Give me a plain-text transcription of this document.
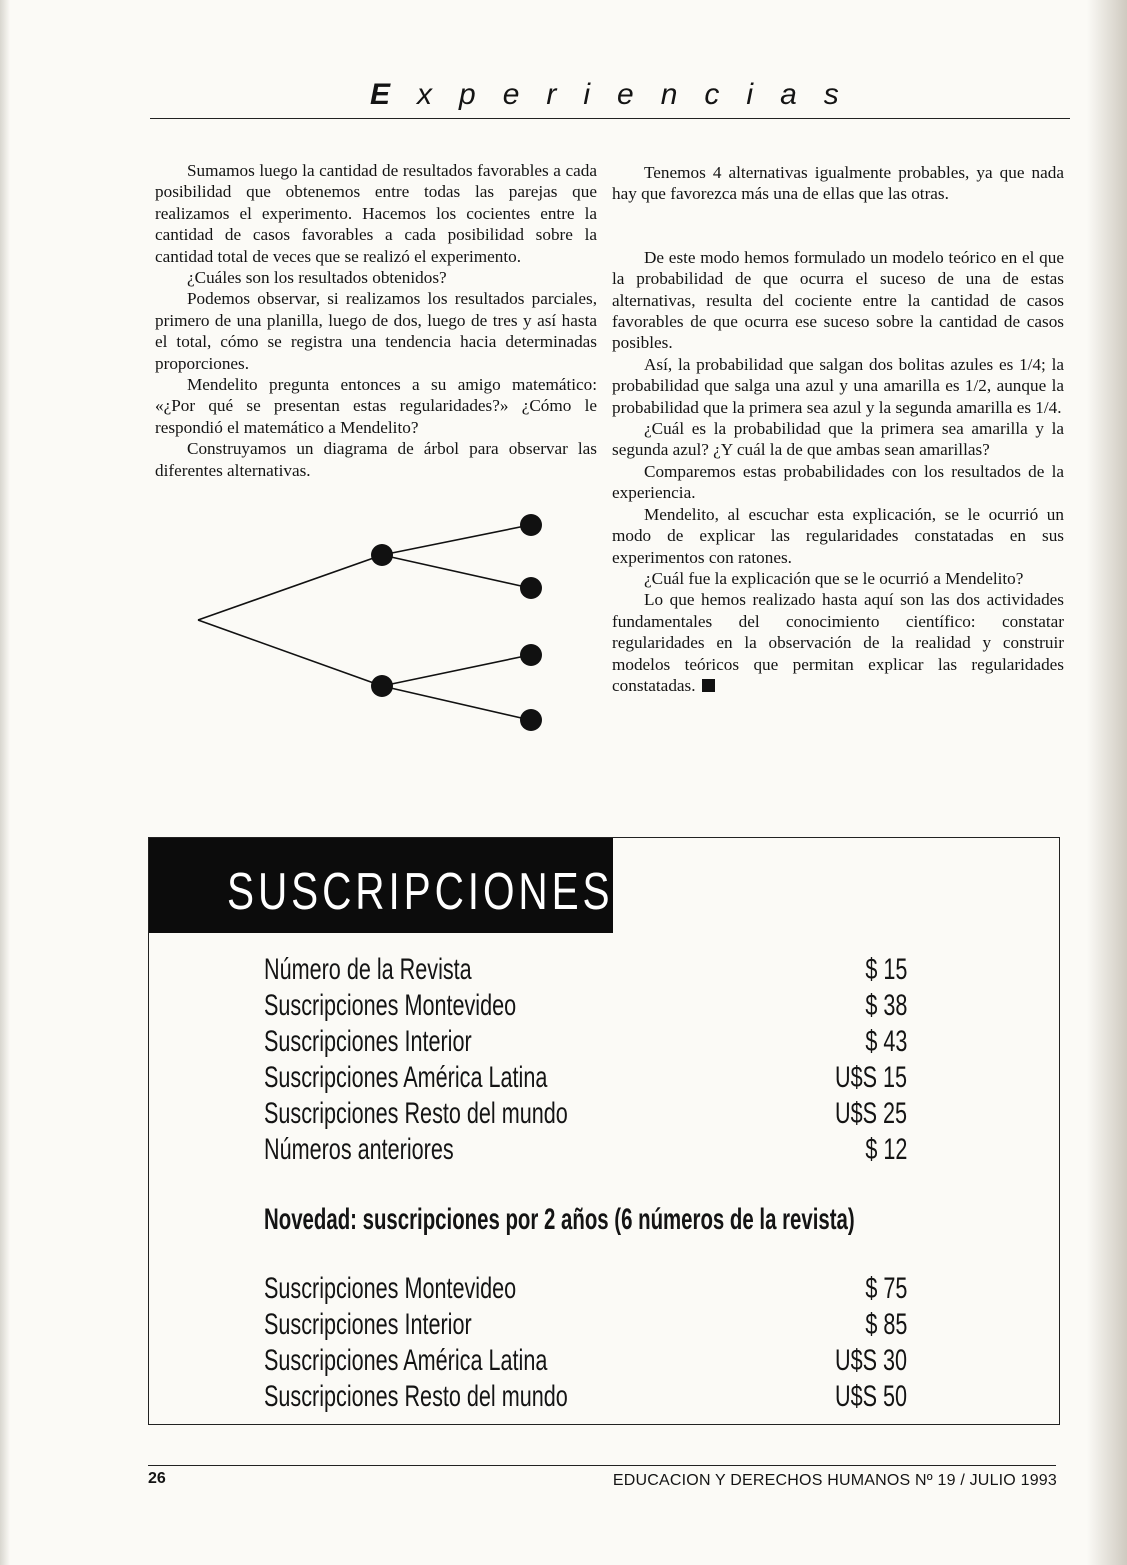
Experiencias

Sumamos luego la cantidad de resultados favorables a cada posibilidad que obtenemos entre todas las parejas que realizamos el experimento. Hacemos los cocientes entre la cantidad de casos favorables a cada posibilidad sobre la cantidad total de veces que se realizó el experimento.

¿Cuáles son los resultados obtenidos?

Podemos observar, si realizamos los resultados parciales, primero de una planilla, luego de dos, luego de tres y así hasta el total, cómo se registra una tendencia hacia determinadas proporciones.

Mendelito pregunta entonces a su amigo matemático: «¿Por qué se presentan estas regularidades?» ¿Cómo le respondió el matemático a Mendelito?

Construyamos un diagrama de árbol para observar las diferentes alternativas.

Tenemos 4 alternativas igualmente probables, ya que nada hay que favorezca más una de ellas que las otras.

De este modo hemos formulado un modelo teórico en el que la probabilidad de que ocurra el suceso de una de estas alternativas, resulta del cociente entre la cantidad de casos favorables de que ocurra ese suceso sobre la cantidad de casos posibles.

Así, la probabilidad que salgan dos bolitas azules es 1/4; la probabilidad que salga una azul y una amarilla es 1/2, aunque la probabilidad que la primera sea azul y la segunda amarilla es 1/4.

¿Cuál es la probabilidad que la primera sea amarilla y la segunda azul? ¿Y cuál la de que ambas sean amarillas?

Comparemos estas probabilidades con los resultados de la experiencia.

Mendelito, al escuchar esta explicación, se le ocurrió un modo de explicar las regularidades constatadas en sus experimentos con ratones.

¿Cuál fue la explicación que se le ocurrió a Mendelito?

Lo que hemos realizado hasta aquí son las dos actividades fundamentales del conocimiento científico: constatar regularidades en la observación de la realidad y construir modelos teóricos que permitan explicar las regularidades constatadas.

SUSCRIPCIONES
Número de la Revista	$ 15
Suscripciones Montevideo	$ 38
Suscripciones Interior	$ 43
Suscripciones América Latina	U$S 15
Suscripciones Resto del mundo	U$S 25
Números anteriores	$ 12
Novedad: suscripciones por 2 años (6 números de la revista)
Suscripciones Montevideo	$ 75
Suscripciones Interior	$ 85
Suscripciones América Latina	U$S 30
Suscripciones Resto del mundo	U$S 50
26	EDUCACION Y DERECHOS HUMANOS Nº 19 / JULIO 1993
